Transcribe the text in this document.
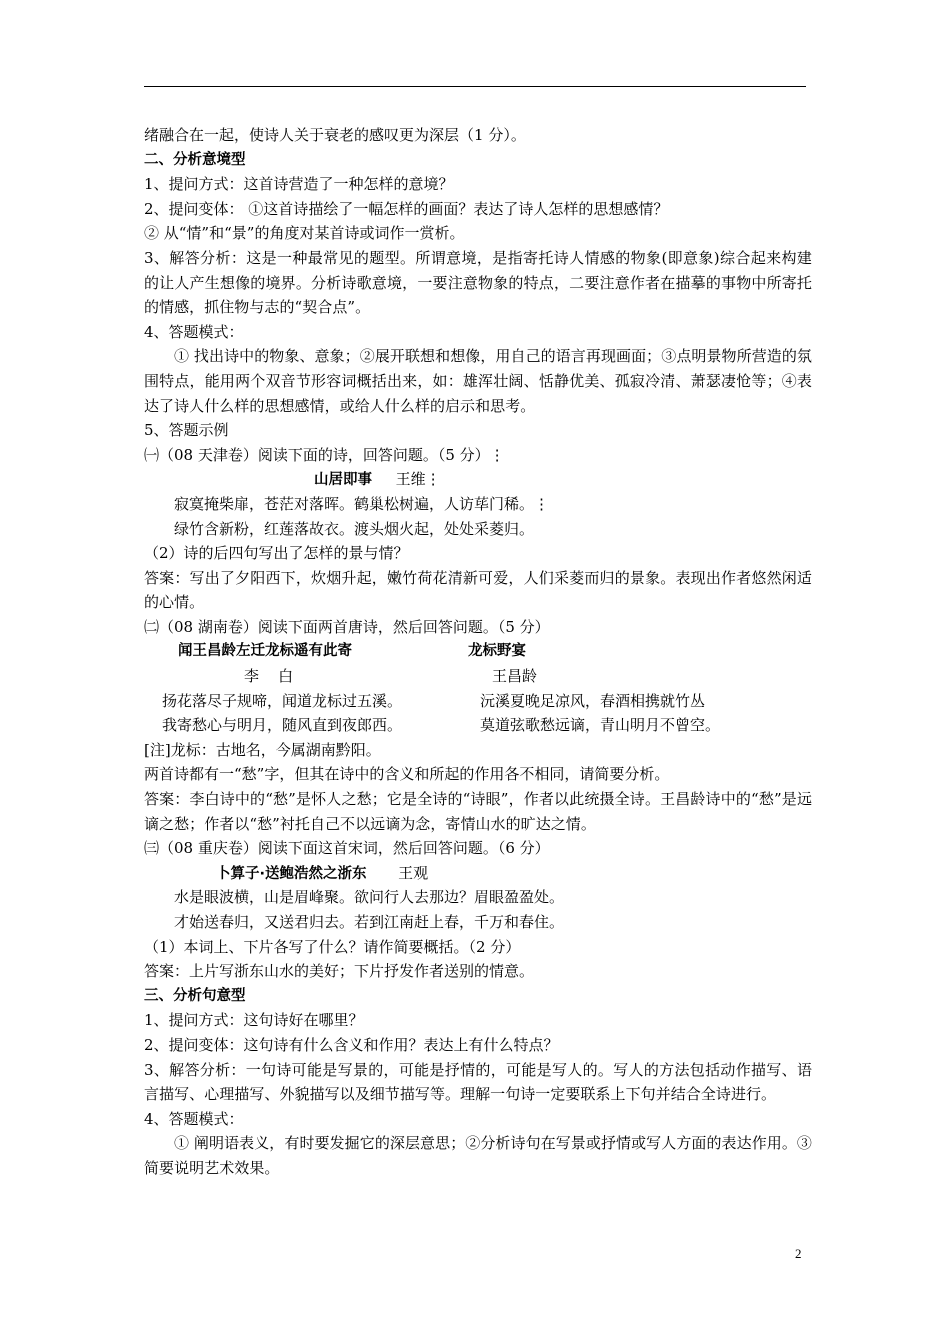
绪融合在一起，使诗人关于衰老的感叹更为深层（1 分）。
二、分析意境型
1、提问方式：这首诗营造了一种怎样的意境？
2、提问变体： ①这首诗描绘了一幅怎样的画面？表达了诗人怎样的思想感情？
② 从“情”和“景”的角度对某首诗或词作一赏析。
3、解答分析：这是一种最常见的题型。所谓意境，是指寄托诗人情感的物象(即意象)综合起来构建的让人产生想像的境界。分析诗歌意境，一要注意物象的特点，二要注意作者在描摹的事物中所寄托的情感，抓住物与志的“契合点”。
4、答题模式：
① 找出诗中的物象、意象；②展开联想和想像，用自己的语言再现画面；③点明景物所营造的氛围特点，能用两个双音节形容词概括出来，如：雄浑壮阔、恬静优美、孤寂冷清、萧瑟凄怆等；④表达了诗人什么样的思想感情，或给人什么样的启示和思考。
5、答题示例
㈠（08 天津卷）阅读下面的诗，回答问题。（5 分）⋮
山居即事 王维⋮
寂寞掩柴扉，苍茫对落晖。鹤巢松树遍，人访荜门稀。⋮
绿竹含新粉，红莲落故衣。渡头烟火起，处处采菱归。
（2）诗的后四句写出了怎样的景与情？
答案：写出了夕阳西下，炊烟升起，嫩竹荷花清新可爱，人们采菱而归的景象。表现出作者悠然闲适的心情。
㈡（08 湖南卷）阅读下面两首唐诗，然后回答问题。（5 分）
闻王昌龄左迁龙标遥有此寄	龙标野宴
李    白	王昌龄
扬花落尽子规啼，闻道龙标过五溪。	沅溪夏晚足凉风，春酒相携就竹丛
我寄愁心与明月，随风直到夜郎西。	莫道弦歌愁远谪，青山明月不曾空。
[注]龙标：古地名，今属湖南黔阳。
两首诗都有一“愁”字，但其在诗中的含义和所起的作用各不相同，请简要分析。
答案：李白诗中的“愁”是怀人之愁；它是全诗的“诗眼”，作者以此统摄全诗。王昌龄诗中的“愁”是远谪之愁；作者以“愁”衬托自己不以远谪为念，寄情山水的旷达之情。
㈢（08 重庆卷）阅读下面这首宋词，然后回答问题。（6 分）
卜算子·送鲍浩然之浙东 王观
水是眼波横，山是眉峰聚。欲问行人去那边？眉眼盈盈处。
才始送春归，又送君归去。若到江南赶上春，千万和春住。
（1）本词上、下片各写了什么？请作简要概括。（2 分）
答案：上片写浙东山水的美好；下片抒发作者送别的情意。
三、分析句意型
1、提问方式：这句诗好在哪里？
2、提问变体：这句诗有什么含义和作用？表达上有什么特点？
3、解答分析：一句诗可能是写景的，可能是抒情的，可能是写人的。写人的方法包括动作描写、语言描写、心理描写、外貌描写以及细节描写等。理解一句诗一定要联系上下句并结合全诗进行。
4、答题模式：
① 阐明语表义，有时要发掘它的深层意思；②分析诗句在写景或抒情或写人方面的表达作用。③简要说明艺术效果。
2
